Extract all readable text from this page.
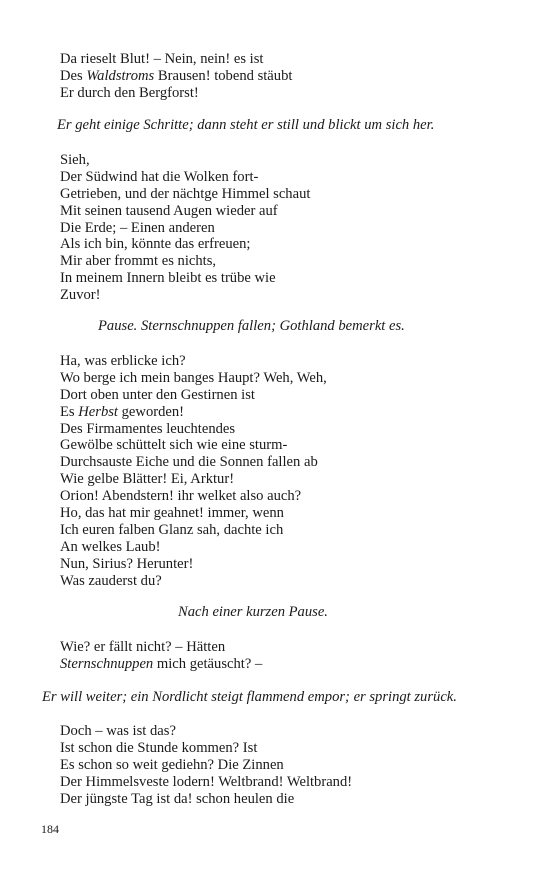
Da rieselt Blut! – Nein, nein! es ist
Des Waldstroms Brausen! tobend stäubt
Er durch den Bergforst!

Er geht einige Schritte; dann steht er still und blickt um sich her.

Sieh,
Der Südwind hat die Wolken fort-
Getrieben, und der nächtge Himmel schaut
Mit seinen tausend Augen wieder auf
Die Erde; – Einen anderen
Als ich bin, könnte das erfreuen;
Mir aber frommt es nichts,
In meinem Innern bleibt es trübe wie
Zuvor!

Pause. Sternschnuppen fallen; Gothland bemerkt es.

Ha, was erblicke ich?
Wo berge ich mein banges Haupt? Weh, Weh,
Dort oben unter den Gestirnen ist
Es Herbst geworden!
Des Firmamentes leuchtendes
Gewölbe schüttelt sich wie eine sturm-
Durchsauste Eiche und die Sonnen fallen ab
Wie gelbe Blätter! Ei, Arktur!
Orion! Abendstern! ihr welket also auch?
Ho, das hat mir geahnet! immer, wenn
Ich euren falben Glanz sah, dachte ich
An welkes Laub!
Nun, Sirius? Herunter!
Was zauderst du?

Nach einer kurzen Pause.

Wie? er fällt nicht? – Hätten
Sternschnuppen mich getäuscht? –

Er will weiter; ein Nordlicht steigt flammend empor; er springt zurück.

Doch – was ist das?
Ist schon die Stunde kommen? Ist
Es schon so weit gediehn? Die Zinnen
Der Himmelsveste lodern! Weltbrand! Weltbrand!
Der jüngste Tag ist da! schon heulen die
184
